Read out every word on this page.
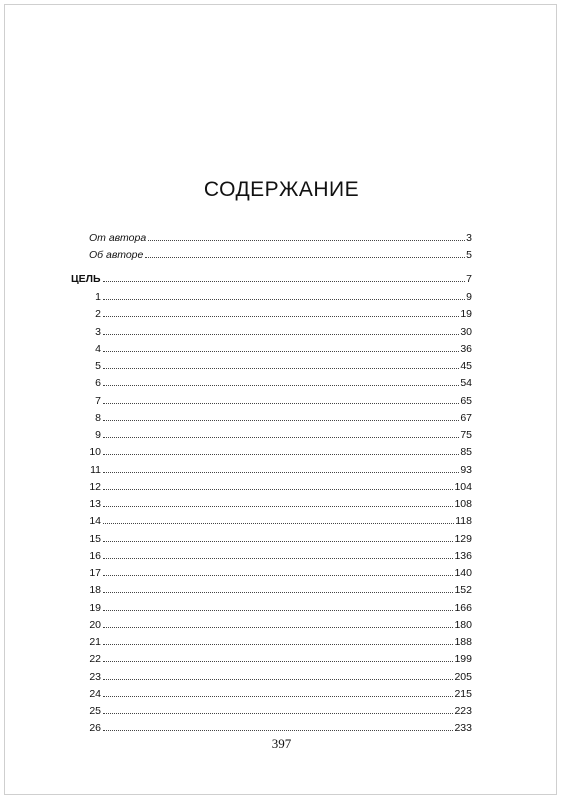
СОДЕРЖАНИЕ
От автора	3
Об авторе	5
ЦЕЛЬ	7
1	9
2	19
3	30
4	36
5	45
6	54
7	65
8	67
9	75
10	85
11	93
12	104
13	108
14	118
15	129
16	136
17	140
18	152
19	166
20	180
21	188
22	199
23	205
24	215
25	223
26	233
397
